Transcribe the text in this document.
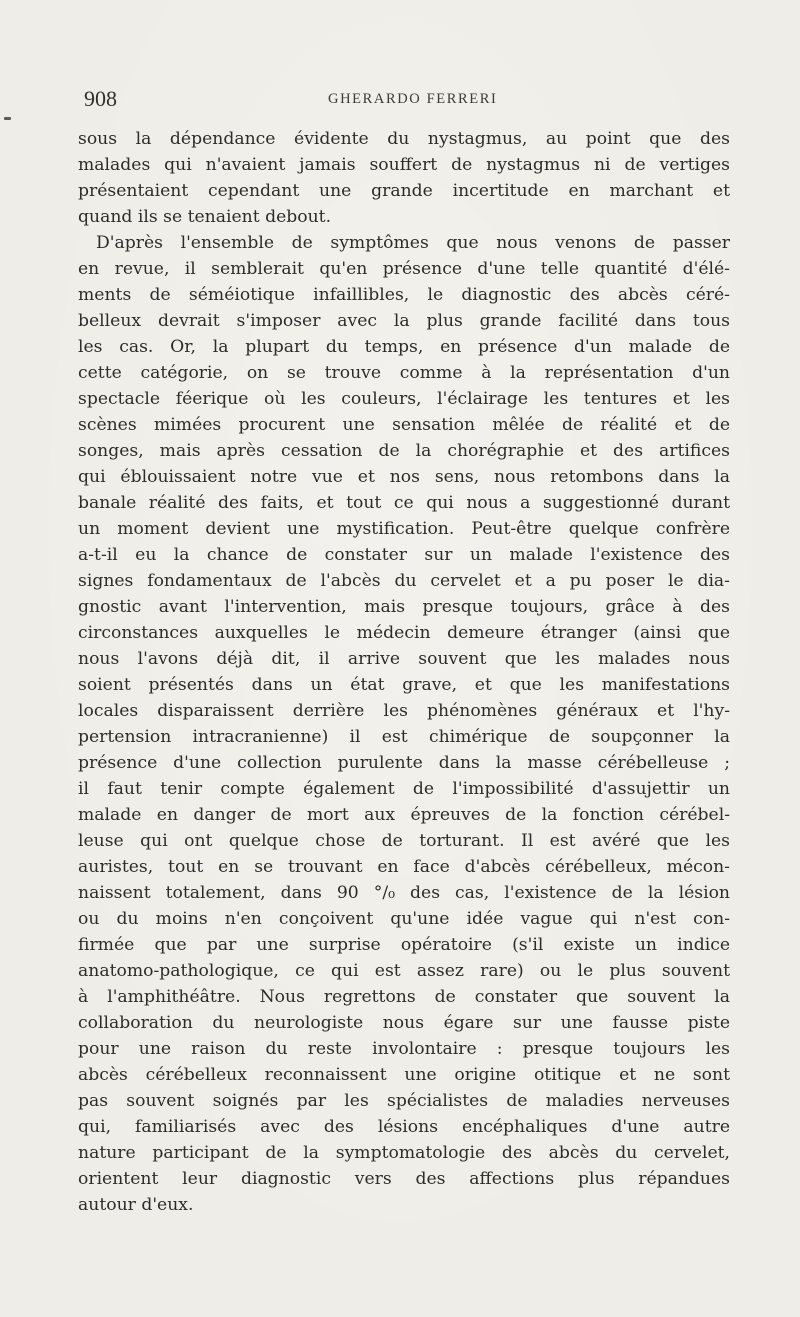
908	GHERARDO FERRERI
sous la dépendance évidente du nystagmus, au point que des
malades qui n'avaient jamais souffert de nystagmus ni de vertiges
présentaient cependant une grande incertitude en marchant et
quand ils se tenaient debout.
D'après l'ensemble de symptômes que nous venons de passer
en revue, il semblerait qu'en présence d'une telle quantité d'élé-
ments de séméiotique infaillibles, le diagnostic des abcès céré-
belleux devrait s'imposer avec la plus grande facilité dans tous
les cas. Or, la plupart du temps, en présence d'un malade de
cette catégorie, on se trouve comme à la représentation d'un
spectacle féerique où les couleurs, l'éclairage les tentures et les
scènes mimées procurent une sensation mêlée de réalité et de
songes, mais après cessation de la chorégraphie et des artifices
qui éblouissaient notre vue et nos sens, nous retombons dans la
banale réalité des faits, et tout ce qui nous a suggestionné durant
un moment devient une mystification. Peut-être quelque confrère
a-t-il eu la chance de constater sur un malade l'existence des
signes fondamentaux de l'abcès du cervelet et a pu poser le dia-
gnostic avant l'intervention, mais presque toujours, grâce à des
circonstances auxquelles le médecin demeure étranger (ainsi que
nous l'avons déjà dit, il arrive souvent que les malades nous
soient présentés dans un état grave, et que les manifestations
locales disparaissent derrière les phénomènes généraux et l'hy-
pertension intracranienne) il est chimérique de soupçonner la
présence d'une collection purulente dans la masse cérébelleuse ;
il faut tenir compte également de l'impossibilité d'assujettir un
malade en danger de mort aux épreuves de la fonction cérébel-
leuse qui ont quelque chose de torturant. Il est avéré que les
auristes, tout en se trouvant en face d'abcès cérébelleux, mécon-
naissent totalement, dans 90 °/₀ des cas, l'existence de la lésion
ou du moins n'en conçoivent qu'une idée vague qui n'est con-
firmée que par une surprise opératoire (s'il existe un indice
anatomo-pathologique, ce qui est assez rare) ou le plus souvent
à l'amphithéâtre. Nous regrettons de constater que souvent la
collaboration du neurologiste nous égare sur une fausse piste
pour une raison du reste involontaire : presque toujours les
abcès cérébelleux reconnaissent une origine otitique et ne sont
pas souvent soignés par les spécialistes de maladies nerveuses
qui, familiarisés avec des lésions encéphaliques d'une autre
nature participant de la symptomatologie des abcès du cervelet,
orientent leur diagnostic vers des affections plus répandues
autour d'eux.
